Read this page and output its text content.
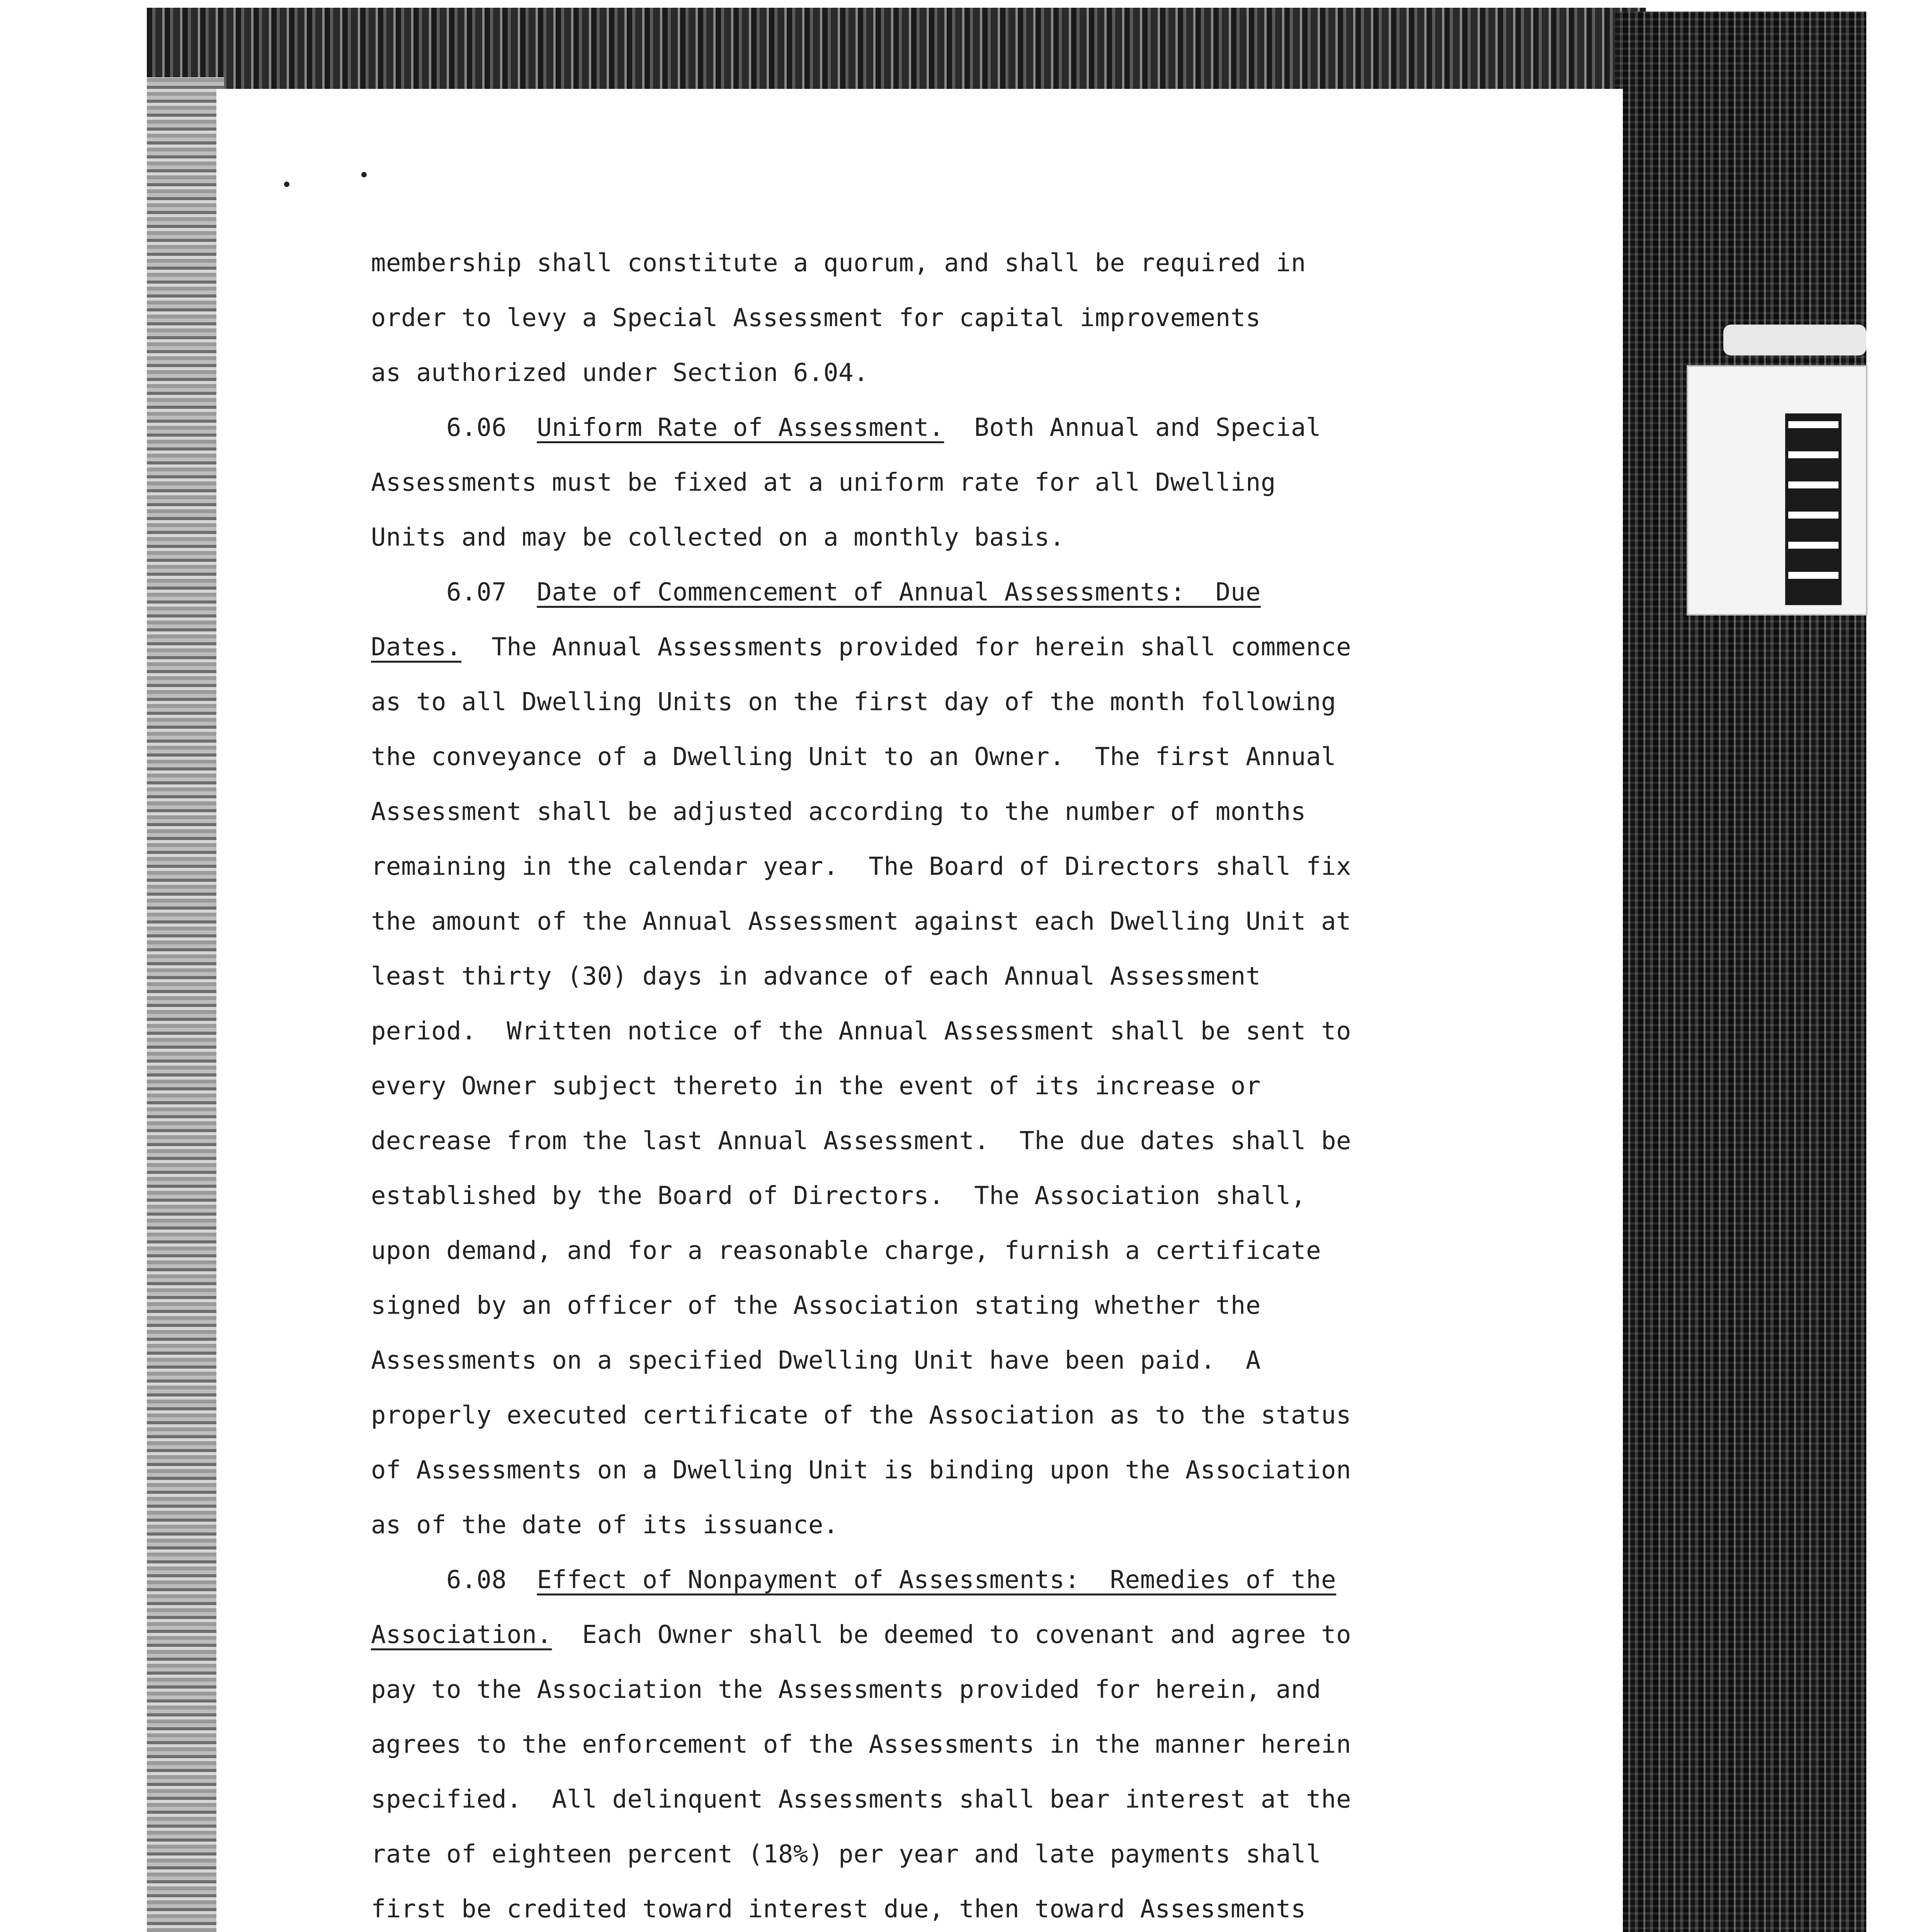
membership shall constitute a quorum, and shall be required in
order to levy a Special Assessment for capital improvements
as authorized under Section 6.04.
6.06  Uniform Rate of Assessment.  Both Annual and Special
Assessments must be fixed at a uniform rate for all Dwelling
Units and may be collected on a monthly basis.
6.07  Date of Commencement of Annual Assessments:  Due
Dates.  The Annual Assessments provided for herein shall commence
as to all Dwelling Units on the first day of the month following
the conveyance of a Dwelling Unit to an Owner.  The first Annual
Assessment shall be adjusted according to the number of months
remaining in the calendar year.  The Board of Directors shall fix
the amount of the Annual Assessment against each Dwelling Unit at
least thirty (30) days in advance of each Annual Assessment
period.  Written notice of the Annual Assessment shall be sent to
every Owner subject thereto in the event of its increase or
decrease from the last Annual Assessment.  The due dates shall be
established by the Board of Directors.  The Association shall,
upon demand, and for a reasonable charge, furnish a certificate
signed by an officer of the Association stating whether the
Assessments on a specified Dwelling Unit have been paid.  A
properly executed certificate of the Association as to the status
of Assessments on a Dwelling Unit is binding upon the Association
as of the date of its issuance.
6.08  Effect of Nonpayment of Assessments:  Remedies of the
Association.  Each Owner shall be deemed to covenant and agree to
pay to the Association the Assessments provided for herein, and
agrees to the enforcement of the Assessments in the manner herein
specified.  All delinquent Assessments shall bear interest at the
rate of eighteen percent (18%) per year and late payments shall
first be credited toward interest due, then toward Assessments
